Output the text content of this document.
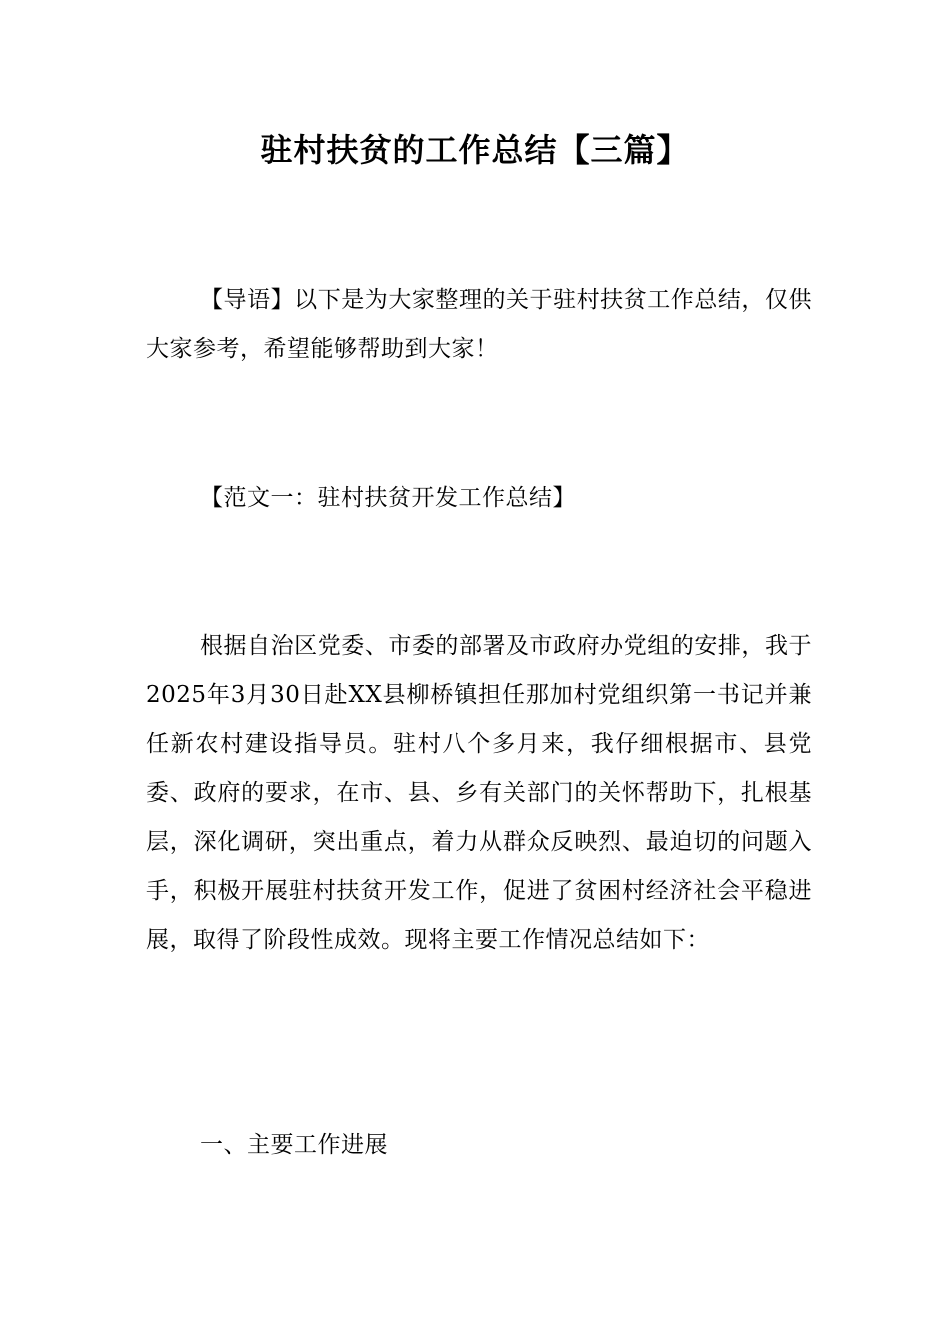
驻村扶贫的工作总结【三篇】

【导语】以下是为大家整理的关于驻村扶贫工作总结，仅供大家参考，希望能够帮助到大家！

【范文一：驻村扶贫开发工作总结】

根据自治区党委、市委的部署及市政府办党组的安排，我于2025年3月30日赴XX县柳桥镇担任那加村党组织第一书记并兼任新农村建设指导员。驻村八个多月来，我仔细根据市、县党委、政府的要求，在市、县、乡有关部门的关怀帮助下，扎根基层，深化调研，突出重点，着力从群众反映烈、最迫切的问题入手，积极开展驻村扶贫开发工作，促进了贫困村经济社会平稳进展，取得了阶段性成效。现将主要工作情况总结如下：

一、主要工作进展
